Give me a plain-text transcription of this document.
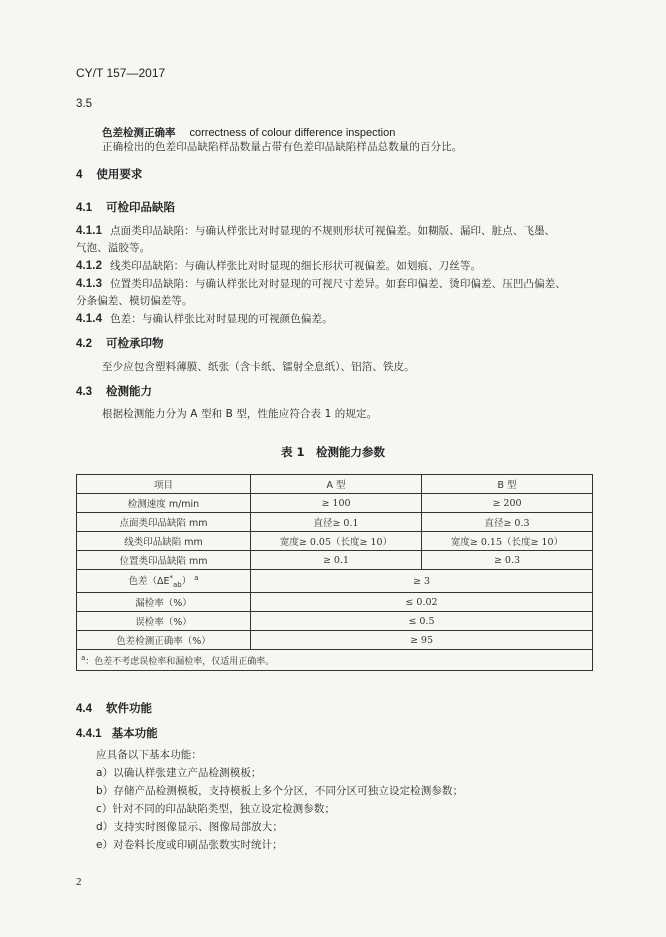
CY/T 157—2017
3.5
色差检测正确率 correctness of colour difference inspection
正确检出的色差印品缺陷样品数量占带有色差印品缺陷样品总数量的百分比。
4 使用要求
4.1 可检印品缺陷
4.1.1 点面类印品缺陷：与确认样张比对时显现的不规则形状可视偏差。如糊版、漏印、脏点、飞墨、
气泡、溢胶等。
4.1.2 线类印品缺陷：与确认样张比对时显现的细长形状可视偏差。如划痕、刀丝等。
4.1.3 位置类印品缺陷：与确认样张比对时显现的可视尺寸差异。如套印偏差、烫印偏差、压凹凸偏差、
分条偏差、模切偏差等。
4.1.4 色差：与确认样张比对时显现的可视颜色偏差。
4.2 可检承印物
至少应包含塑料薄膜、纸张（含卡纸、镭射全息纸）、铝箔、铁皮。
4.3 检测能力
根据检测能力分为 A 型和 B 型，性能应符合表 1 的规定。
表 1　检测能力参数
项目	A 型	B 型
检测速度 m/min	≥ 100	≥ 200
点面类印品缺陷 mm	直径≥ 0.1	直径≥ 0.3
线类印品缺陷 mm	宽度≥ 0.05（长度≥ 10）	宽度≥ 0.15（长度≥ 10）
位置类印品缺陷 mm	≥ 0.1	≥ 0.3
色差$(\Delta E^*_{ab})$ $^a$	≥ 3	
漏检率（%）	≤ 0.02	
误检率（%）	≤ 0.5	
色差检测正确率（%）	≥ 95	
$^a$：色差不考虑误检率和漏检率，仅适用正确率。		
4.4 软件功能
4.4.1 基本功能
应具备以下基本功能：
a）以确认样张建立产品检测模板；
b）存储产品检测模板，支持模板上多个分区，不同分区可独立设定检测参数；
c）针对不同的印品缺陷类型，独立设定检测参数；
d）支持实时图像显示、图像局部放大；
e）对卷料长度或印刷品张数实时统计；
2
